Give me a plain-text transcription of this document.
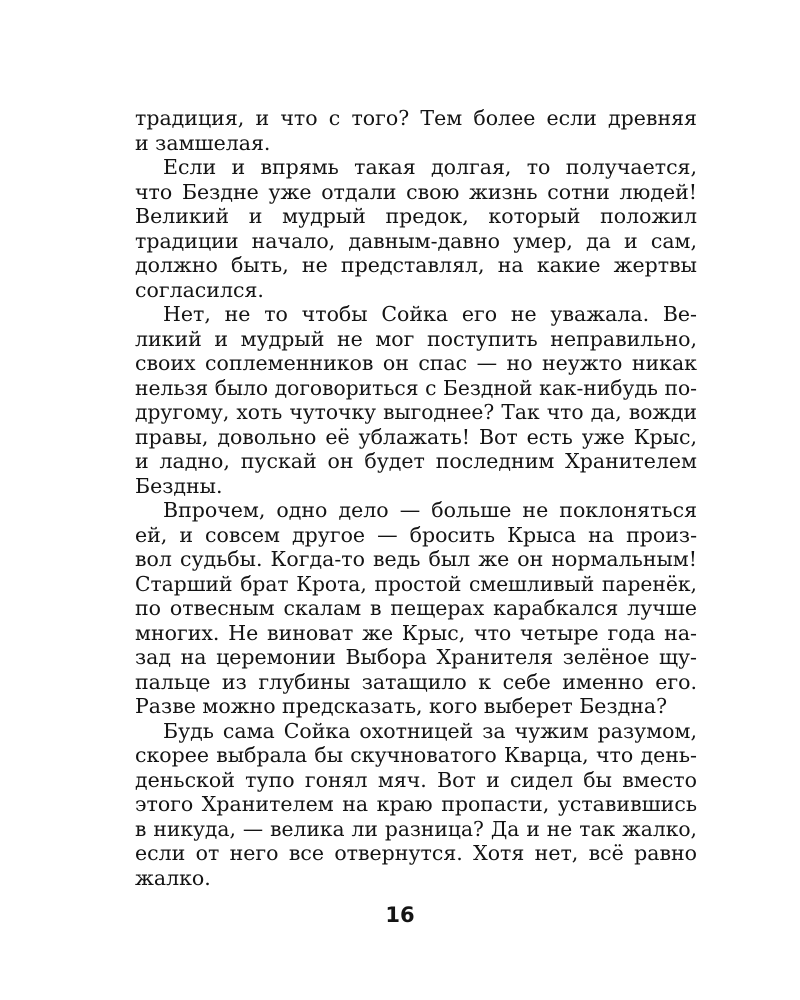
традиция, и что с того? Тем более если древняя
и замшелая.
Если и впрямь такая долгая, то получается,
что Бездне уже отдали свою жизнь сотни людей!
Великий и мудрый предок, который положил
традиции начало, давным-давно умер, да и сам,
должно быть, не представлял, на какие жертвы
согласился.
Нет, не то чтобы Сойка его не уважала. Ве-
ликий и мудрый не мог поступить неправильно,
своих соплеменников он спас — но неужто никак
нельзя было договориться с Бездной как-нибудь по-
другому, хоть чуточку выгоднее? Так что да, вожди
правы, довольно её ублажать! Вот есть уже Крыс,
и ладно, пускай он будет последним Хранителем
Бездны.
Впрочем, одно дело — больше не поклоняться
ей, и совсем другое — бросить Крыса на произ-
вол судьбы. Когда-то ведь был же он нормальным!
Старший брат Крота, простой смешливый паренёк,
по отвесным скалам в пещерах карабкался лучше
многих. Не виноват же Крыс, что четыре года на-
зад на церемонии Выбора Хранителя зелёное щу-
пальце из глубины затащило к себе именно его.
Разве можно предсказать, кого выберет Бездна?
Будь сама Сойка охотницей за чужим разумом,
скорее выбрала бы скучноватого Кварца, что день-
деньской тупо гонял мяч. Вот и сидел бы вместо
этого Хранителем на краю пропасти, уставившись
в никуда, — велика ли разница? Да и не так жалко,
если от него все отвернутся. Хотя нет, всё равно
жалко.
16
